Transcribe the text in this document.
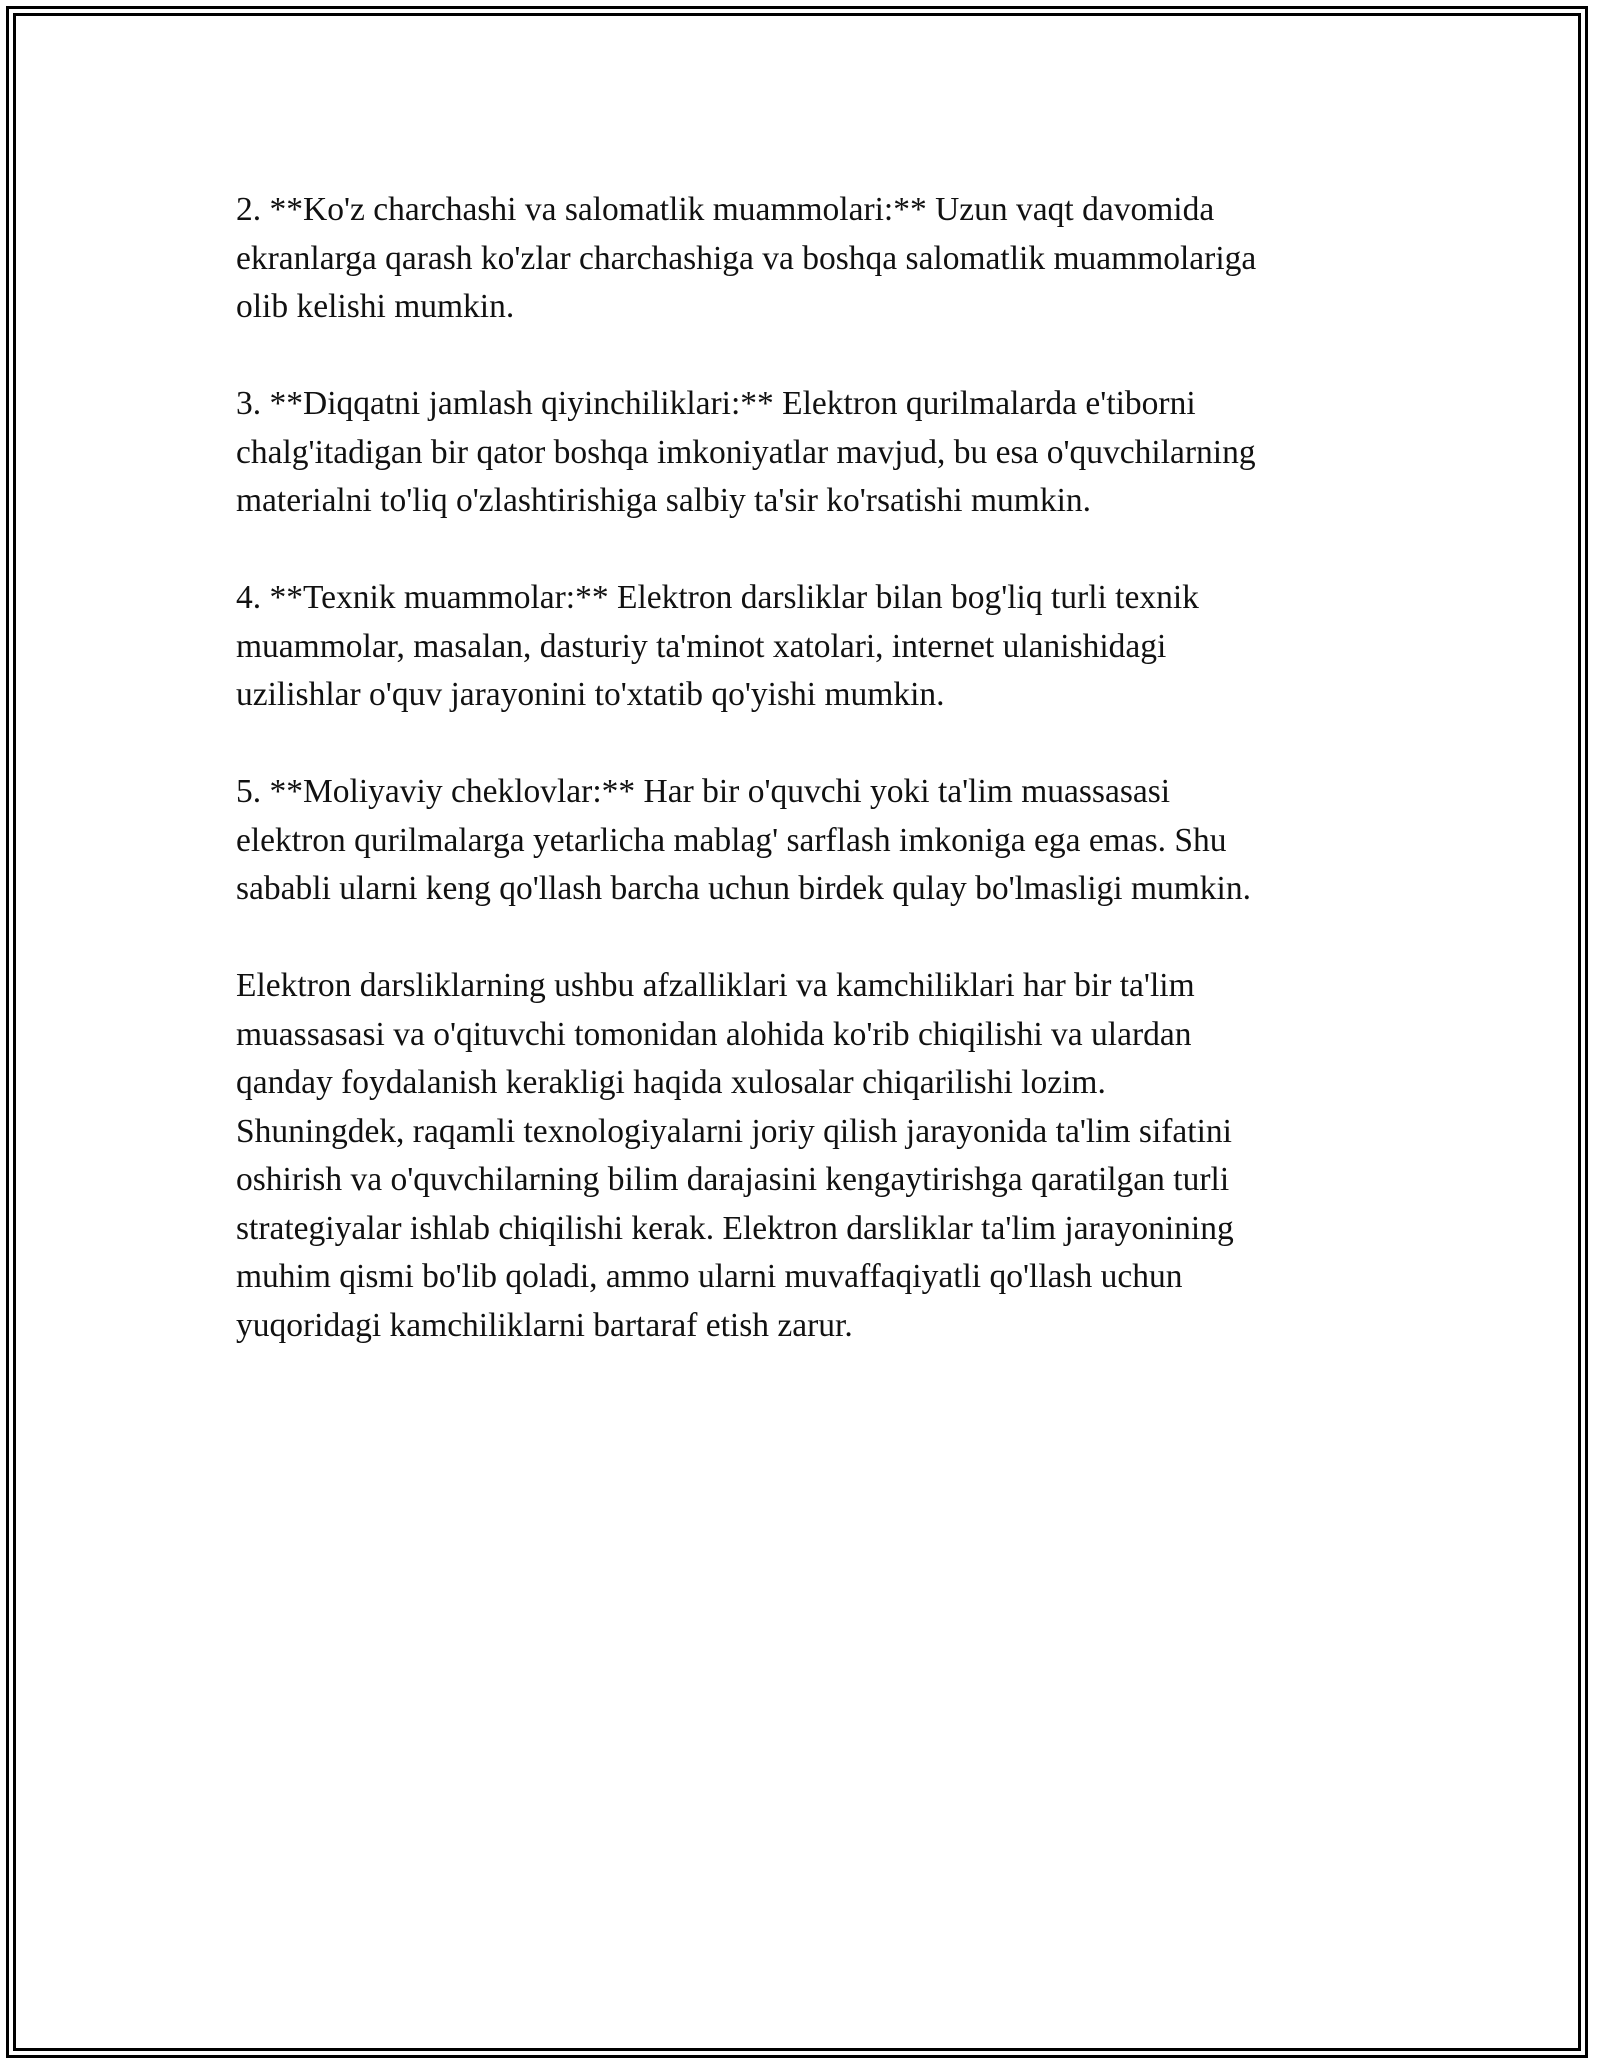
2. **Ko'z charchashi va salomatlik muammolari:** Uzun vaqt davomida
ekranlarga qarash ko'zlar charchashiga va boshqa salomatlik muammolariga
olib kelishi mumkin.

3. **Diqqatni jamlash qiyinchiliklari:** Elektron qurilmalarda e'tiborni
chalg'itadigan bir qator boshqa imkoniyatlar mavjud, bu esa o'quvchilarning
materialni to'liq o'zlashtirishiga salbiy ta'sir ko'rsatishi mumkin.

4. **Texnik muammolar:** Elektron darsliklar bilan bog'liq turli texnik
muammolar, masalan, dasturiy ta'minot xatolari, internet ulanishidagi
uzilishlar o'quv jarayonini to'xtatib qo'yishi mumkin.

5. **Moliyaviy cheklovlar:** Har bir o'quvchi yoki ta'lim muassasasi
elektron qurilmalarga yetarlicha mablag' sarflash imkoniga ega emas. Shu
sababli ularni keng qo'llash barcha uchun birdek qulay bo'lmasligi mumkin.

Elektron darsliklarning ushbu afzalliklari va kamchiliklari har bir ta'lim
muassasasi va o'qituvchi tomonidan alohida ko'rib chiqilishi va ulardan
qanday foydalanish kerakligi haqida xulosalar chiqarilishi lozim.
Shuningdek, raqamli texnologiyalarni joriy qilish jarayonida ta'lim sifatini
oshirish va o'quvchilarning bilim darajasini kengaytirishga qaratilgan turli
strategiyalar ishlab chiqilishi kerak. Elektron darsliklar ta'lim jarayonining
muhim qismi bo'lib qoladi, ammo ularni muvaffaqiyatli qo'llash uchun
yuqoridagi kamchiliklarni bartaraf etish zarur.
